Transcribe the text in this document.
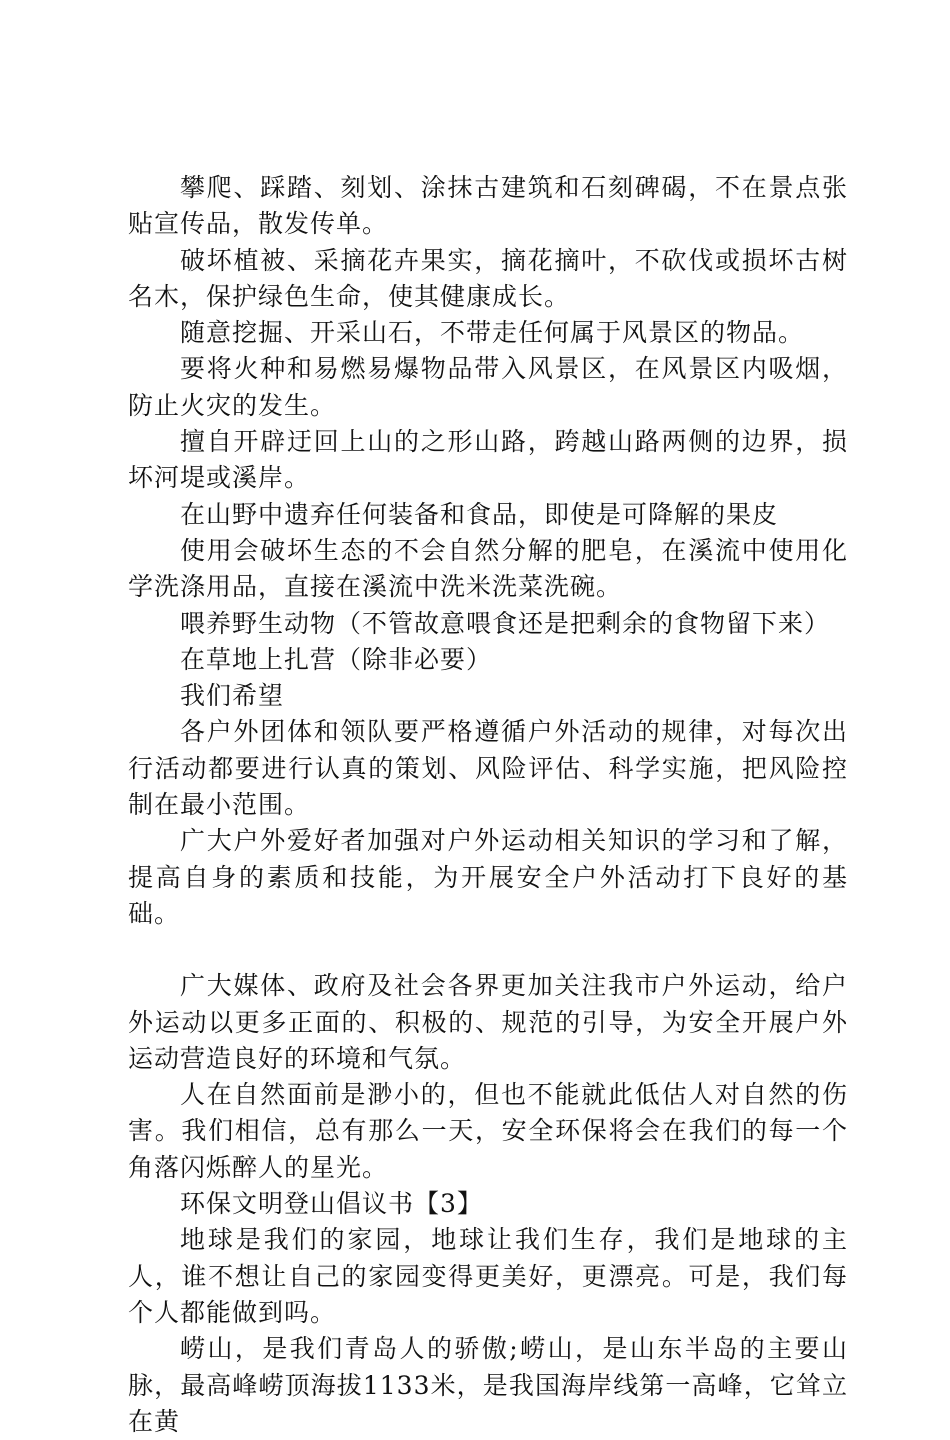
攀爬、踩踏、刻划、涂抹古建筑和石刻碑碣，不在景点张贴宣传品，散发传单。

破坏植被、采摘花卉果实，摘花摘叶，不砍伐或损坏古树名木，保护绿色生命，使其健康成长。

随意挖掘、开采山石，不带走任何属于风景区的物品。

要将火种和易燃易爆物品带入风景区，在风景区内吸烟，防止火灾的发生。

擅自开辟迂回上山的之形山路，跨越山路两侧的边界，损坏河堤或溪岸。

在山野中遗弃任何装备和食品，即使是可降解的果皮

使用会破坏生态的不会自然分解的肥皂，在溪流中使用化学洗涤用品，直接在溪流中洗米洗菜洗碗。

喂养野生动物（不管故意喂食还是把剩余的食物留下来）

在草地上扎营（除非必要）

我们希望

各户外团体和领队要严格遵循户外活动的规律，对每次出行活动都要进行认真的策划、风险评估、科学实施，把风险控制在最小范围。

广大户外爱好者加强对户外运动相关知识的学习和了解，提高自身的素质和技能，为开展安全户外活动打下良好的基础。

广大媒体、政府及社会各界更加关注我市户外运动，给户外运动以更多正面的、积极的、规范的引导，为安全开展户外运动营造良好的环境和气氛。

人在自然面前是渺小的，但也不能就此低估人对自然的伤害。我们相信，总有那么一天，安全环保将会在我们的每一个角落闪烁醉人的星光。

环保文明登山倡议书【3】

地球是我们的家园，地球让我们生存，我们是地球的主人，谁不想让自己的家园变得更美好，更漂亮。可是，我们每个人都能做到吗。

崂山，是我们青岛人的骄傲;崂山，是山东半岛的主要山脉，最高峰崂顶海拔1133米，是我国海岸线第一高峰，它耸立在黄
